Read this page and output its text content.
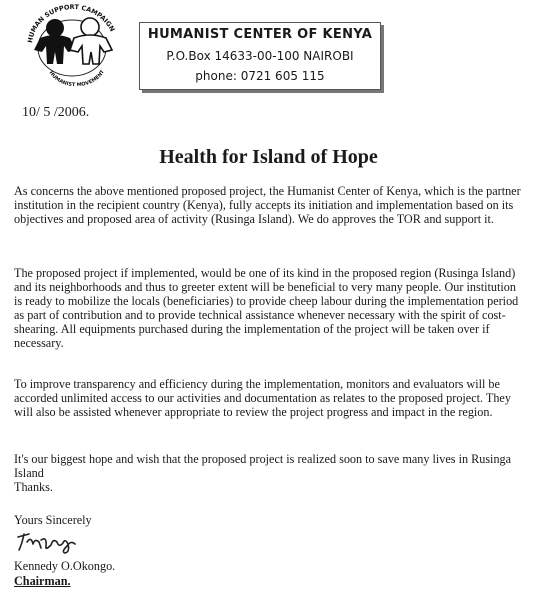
HUMAN SUPPORT CAMPAIGN
HUMANIST MOVEMENT
HUMANIST CENTER OF KENYA
P.O.Box 14633-00-100 NAIROBI
phone: 0721 605 115
10/ 5 /2006.
Health for Island of Hope

As concerns the above mentioned proposed project, the Humanist Center of Kenya, which is the partner institution in the recipient country (Kenya), fully accepts its initiation and implementation based on its objectives and proposed area of activity (Rusinga Island). We do approves the TOR and support it.

The proposed project if implemented, would be one of its kind in the proposed region (Rusinga Island) and its neighborhoods and thus to greeter extent will be beneficial to very many people. Our institution is ready to mobilize the locals (beneficiaries) to provide cheep labour during the implementation period as part of contribution and to provide technical assistance whenever necessary with the spirit of cost-shearing. All equipments purchased during the implementation of the project will be taken over if necessary.

To improve transparency and efficiency during the implementation, monitors and evaluators will be accorded unlimited access to our activities and documentation as relates to the proposed project. They will also be assisted whenever appropriate to review the project progress and impact in the region.

It's our biggest hope and wish that the proposed project is realized soon to save many lives in Rusinga Island

Thanks.

Yours Sincerely
Kennedy O.Okongo.
Chairman.
